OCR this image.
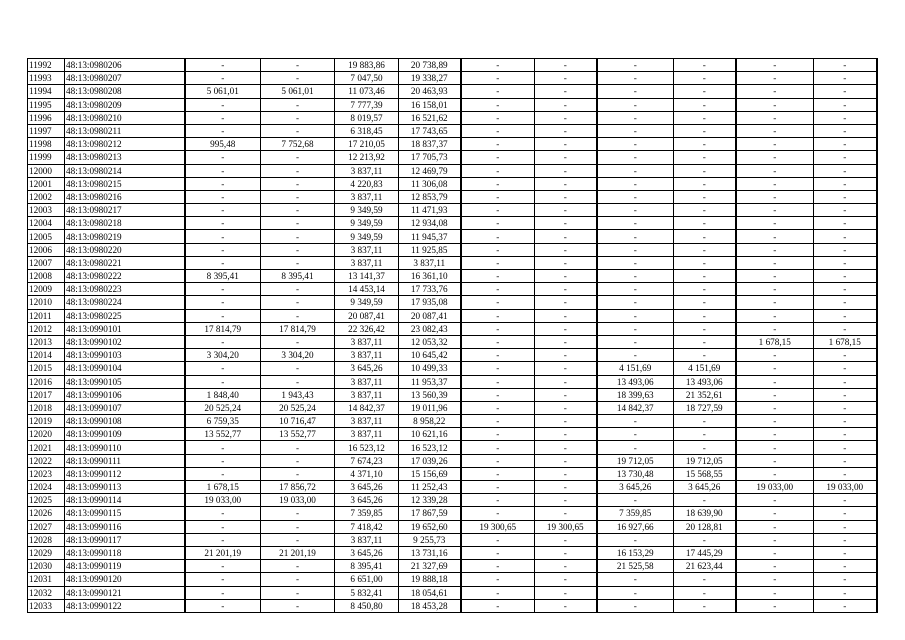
11992	48:13:0980206	-	-	19 883,86	20 738,89	-	-	-	-	-	-
11993	48:13:0980207	-	-	7 047,50	19 338,27	-	-	-	-	-	-
11994	48:13:0980208	5 061,01	5 061,01	11 073,46	20 463,93	-	-	-	-	-	-
11995	48:13:0980209	-	-	7 777,39	16 158,01	-	-	-	-	-	-
11996	48:13:0980210	-	-	8 019,57	16 521,62	-	-	-	-	-	-
11997	48:13:0980211	-	-	6 318,45	17 743,65	-	-	-	-	-	-
11998	48:13:0980212	995,48	7 752,68	17 210,05	18 837,37	-	-	-	-	-	-
11999	48:13:0980213	-	-	12 213,92	17 705,73	-	-	-	-	-	-
12000	48:13:0980214	-	-	3 837,11	12 469,79	-	-	-	-	-	-
12001	48:13:0980215	-	-	4 220,83	11 306,08	-	-	-	-	-	-
12002	48:13:0980216	-	-	3 837,11	12 853,79	-	-	-	-	-	-
12003	48:13:0980217	-	-	9 349,59	11 471,93	-	-	-	-	-	-
12004	48:13:0980218	-	-	9 349,59	12 934,08	-	-	-	-	-	-
12005	48:13:0980219	-	-	9 349,59	11 945,37	-	-	-	-	-	-
12006	48:13:0980220	-	-	3 837,11	11 925,85	-	-	-	-	-	-
12007	48:13:0980221	-	-	3 837,11	3 837,11	-	-	-	-	-	-
12008	48:13:0980222	8 395,41	8 395,41	13 141,37	16 361,10	-	-	-	-	-	-
12009	48:13:0980223	-	-	14 453,14	17 733,76	-	-	-	-	-	-
12010	48:13:0980224	-	-	9 349,59	17 935,08	-	-	-	-	-	-
12011	48:13:0980225	-	-	20 087,41	20 087,41	-	-	-	-	-	-
12012	48:13:0990101	17 814,79	17 814,79	22 326,42	23 082,43	-	-	-	-	-	-
12013	48:13:0990102	-	-	3 837,11	12 053,32	-	-	-	-	1 678,15	1 678,15
12014	48:13:0990103	3 304,20	3 304,20	3 837,11	10 645,42	-	-	-	-	-	-
12015	48:13:0990104	-	-	3 645,26	10 499,33	-	-	4 151,69	4 151,69	-	-
12016	48:13:0990105	-	-	3 837,11	11 953,37	-	-	13 493,06	13 493,06	-	-
12017	48:13:0990106	1 848,40	1 943,43	3 837,11	13 560,39	-	-	18 399,63	21 352,61	-	-
12018	48:13:0990107	20 525,24	20 525,24	14 842,37	19 011,96	-	-	14 842,37	18 727,59	-	-
12019	48:13:0990108	6 759,35	10 716,47	3 837,11	8 958,22	-	-	-	-	-	-
12020	48:13:0990109	13 552,77	13 552,77	3 837,11	10 621,16	-	-	-	-	-	-
12021	48:13:0990110	-	-	16 523,12	16 523,12	-	-	-	-	-	-
12022	48:13:0990111	-	-	7 674,23	17 039,26	-	-	19 712,05	19 712,05	-	-
12023	48:13:0990112	-	-	4 371,10	15 156,69	-	-	13 730,48	15 568,55	-	-
12024	48:13:0990113	1 678,15	17 856,72	3 645,26	11 252,43	-	-	3 645,26	3 645,26	19 033,00	19 033,00
12025	48:13:0990114	19 033,00	19 033,00	3 645,26	12 339,28	-	-	-	-	-	-
12026	48:13:0990115	-	-	7 359,85	17 867,59	-	-	7 359,85	18 639,90	-	-
12027	48:13:0990116	-	-	7 418,42	19 652,60	19 300,65	19 300,65	16 927,66	20 128,81	-	-
12028	48:13:0990117	-	-	3 837,11	9 255,73	-	-	-	-	-	-
12029	48:13:0990118	21 201,19	21 201,19	3 645,26	13 731,16	-	-	16 153,29	17 445,29	-	-
12030	48:13:0990119	-	-	8 395,41	21 327,69	-	-	21 525,58	21 623,44	-	-
12031	48:13:0990120	-	-	6 651,00	19 888,18	-	-	-	-	-	-
12032	48:13:0990121	-	-	5 832,41	18 054,61	-	-	-	-	-	-
12033	48:13:0990122	-	-	8 450,80	18 453,28	-	-	-	-	-	-
